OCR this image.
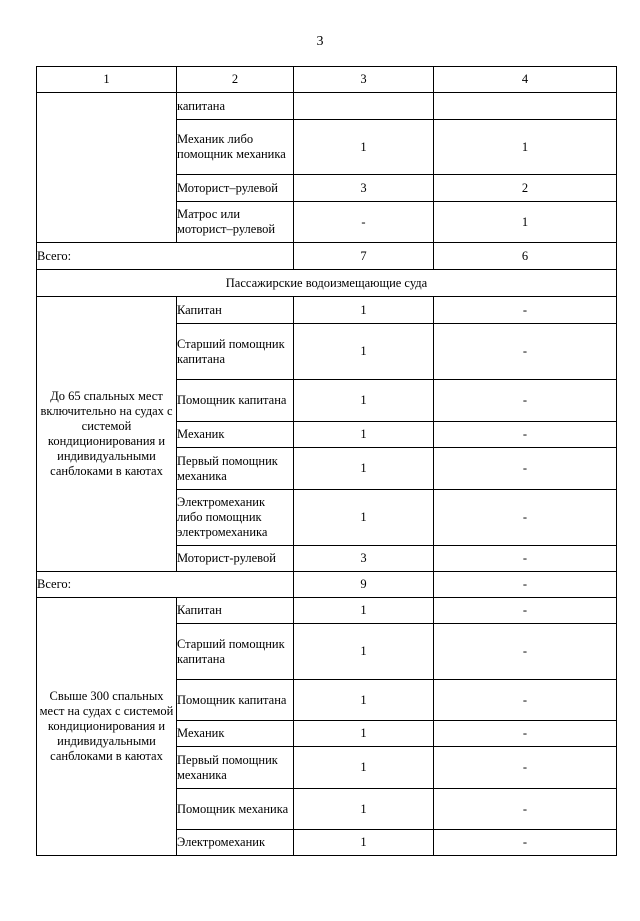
3
1	2	3	4
	капитана		
	Механик либо помощник механика	1	1
	Моторист–рулевой	3	2
	Матрос или моторист–рулевой	-	1
Всего:		7	6
Пассажирские водоизмещающие суда			
До 65 спальных мест включительно на судах с системой кондиционирования и индивидуальными санблоками в каютах	Капитан	1	-
	Старший помощник капитана	1	-
	Помощник капитана	1	-
	Механик	1	-
	Первый помощник механика	1	-
	Электромеханик либо помощник электромеханика	1	-
	Моторист-рулевой	3	-
Всего:		9	-
Свыше 300 спальных мест на судах с системой кондиционирования и индивидуальными санблоками в каютах	Капитан	1	-
	Старший помощник капитана	1	-
	Помощник капитана	1	-
	Механик	1	-
	Первый помощник механика	1	-
	Помощник механика	1	-
	Электромеханик	1	-
